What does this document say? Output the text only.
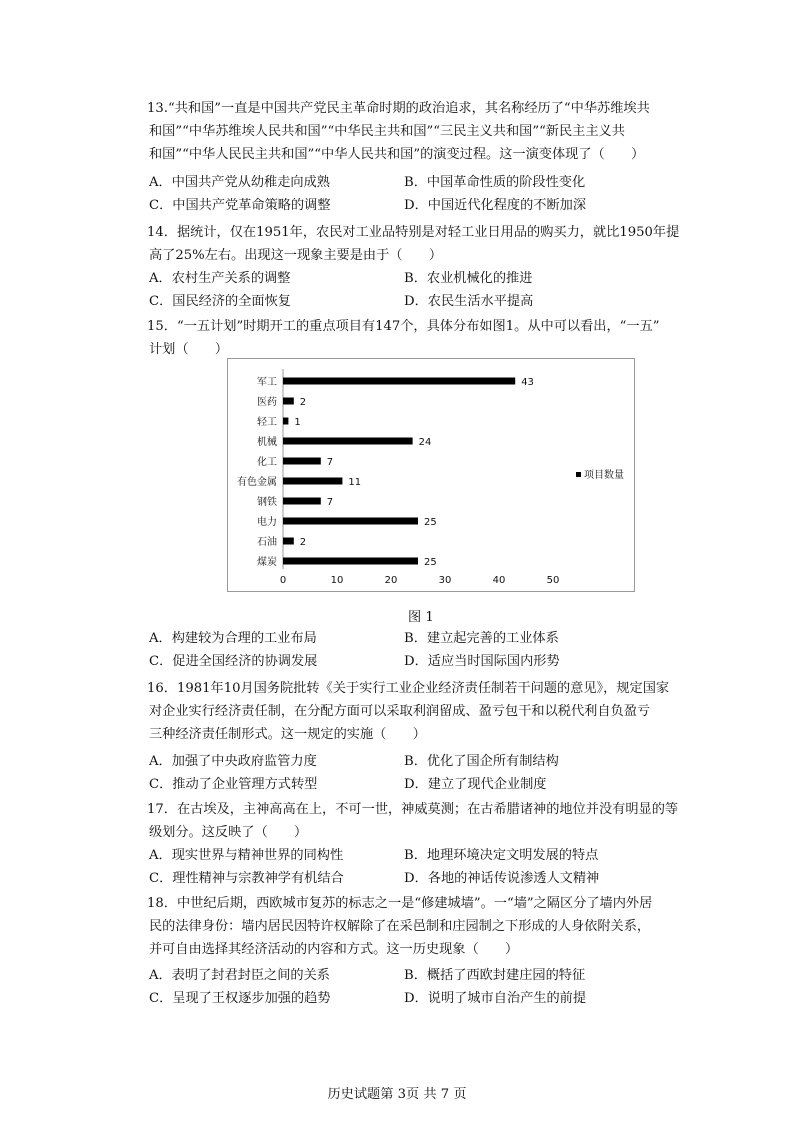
13.“共和国”一直是中国共产党民主革命时期的政治追求，其名称经历了“中华苏维埃共
和国”“中华苏维埃人民共和国”“中华民主共和国”“三民主义共和国”“新民主主义共
和国”“中华人民民主共和国”“中华人民共和国”的演变过程。这一演变体现了（　　）
A．中国共产党从幼稚走向成熟	B．中国革命性质的阶段性变化
C．中国共产党革命策略的调整	D．中国近代化程度的不断加深
14．据统计，仅在1951年，农民对工业品特别是对轻工业日用品的购买力，就比1950年提
高了25%左右。出现这一现象主要是由于（　　）
A．农村生产关系的调整	B．农业机械化的推进
C．国民经济的全面恢复	D．农民生活水平提高
15．“一五计划”时期开工的重点项目有147个，具体分布如图1。从中可以看出，“一五”
计划（　　）
A．构建较为合理的工业布局	B．建立起完善的工业体系
C．促进全国经济的协调发展	D．适应当时国际国内形势
16．1981年10月国务院批转《关于实行工业企业经济责任制若干问题的意见》，规定国家
对企业实行经济责任制，在分配方面可以采取利润留成、盈亏包干和以税代利自负盈亏
三种经济责任制形式。这一规定的实施（　　）
A．加强了中央政府监管力度	B．优化了国企所有制结构
C．推动了企业管理方式转型	D．建立了现代企业制度
17．在古埃及，主神高高在上，不可一世，神威莫测；在古希腊诸神的地位并没有明显的等
级划分。这反映了（　　）
A．现实世界与精神世界的同构性	B．地理环境决定文明发展的特点
C．理性精神与宗教神学有机结合	D．各地的神话传说渗透人文精神
18．中世纪后期，西欧城市复苏的标志之一是“修建城墙”。一“墙”之隔区分了墙内外居
民的法律身份：墙内居民因特许权解除了在采邑制和庄园制之下形成的人身依附关系，
并可自由选择其经济活动的内容和方式。这一历史现象（　　）
A．表明了封君封臣之间的关系	B．概括了西欧封建庄园的特征
C．呈现了王权逐步加强的趋势	D．说明了城市自治产生的前提
军工	43
医药 2
轻工 1
机械	24
化工	7
有色金属	11
钢铁	7
电力	25
石油 2
煤炭	25
0	10	20	30	40	50
项目数量
图 1
历史试题第 3页 共 7 页
